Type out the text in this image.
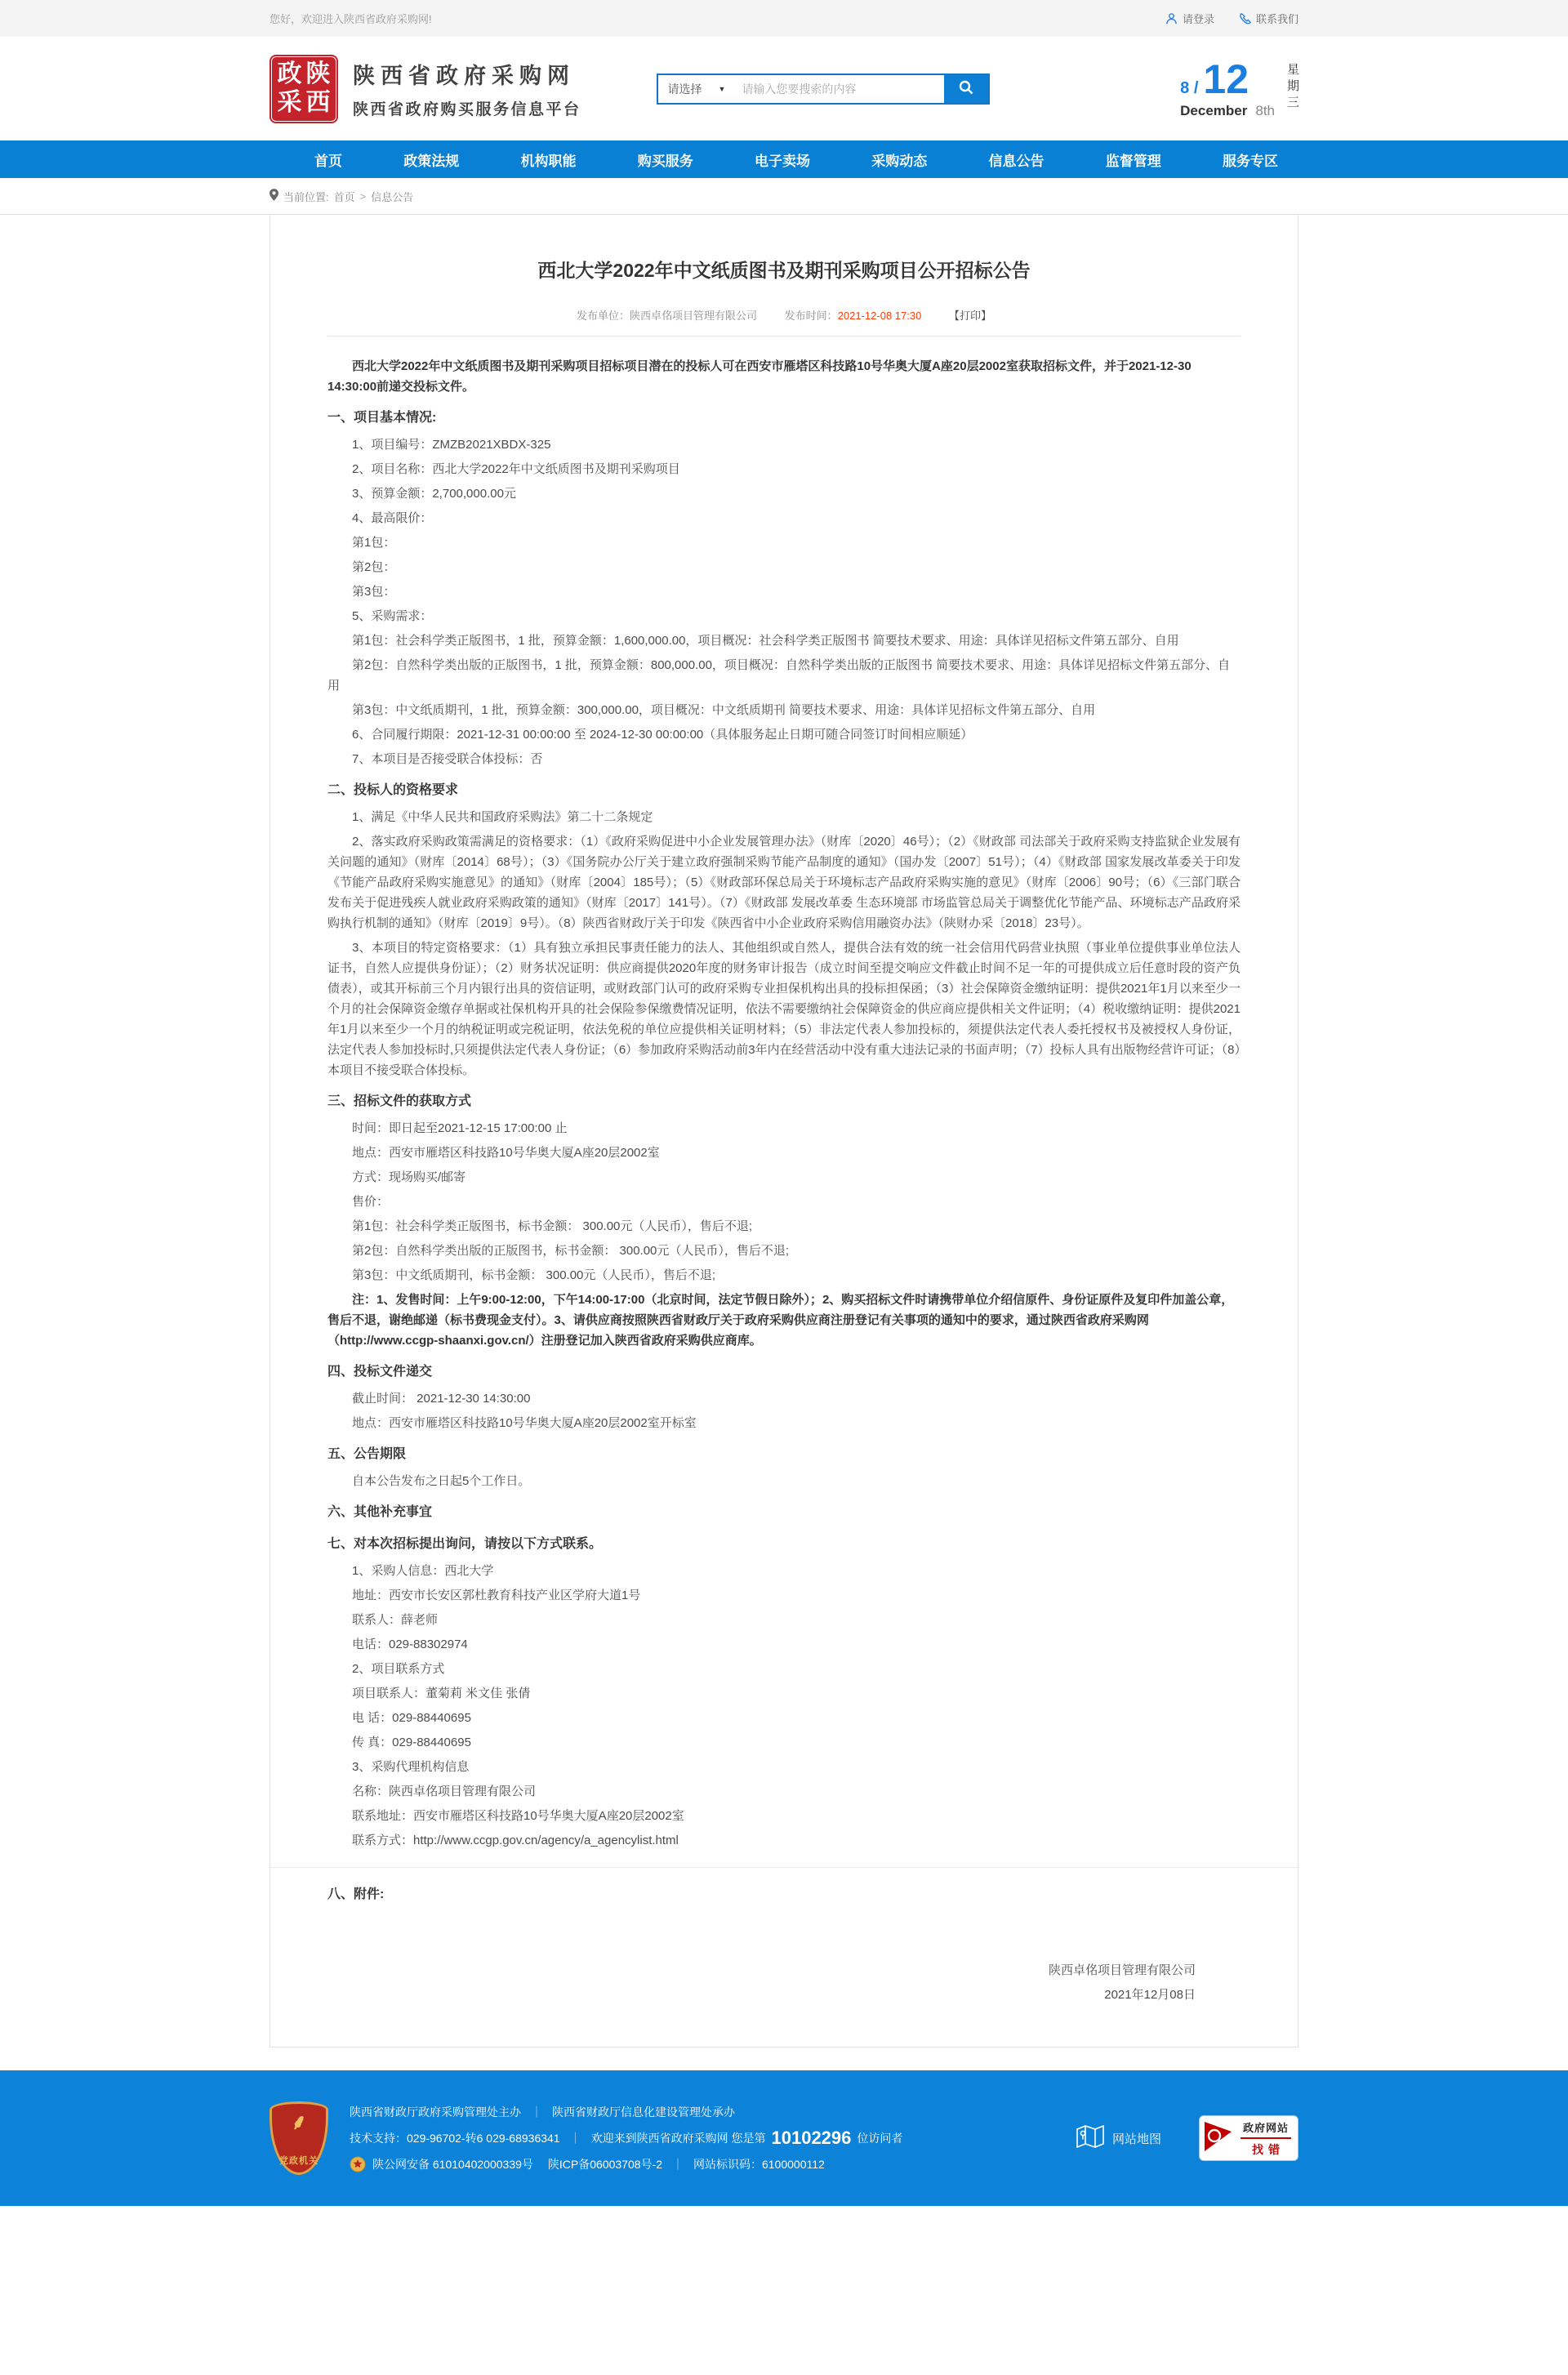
您好，欢迎进入陕西省政府采购网!	请登录	联系我们
政 陕
采 西
陕西省政府采购网
陕西省政府购买服务信息平台
请选择 ▼
请输入您要搜索的内容	8 / 12
December 8th 星期三
首页	政策法规	机构职能	购买服务	电子卖场	采购动态	信息公告	监督管理	服务专区
当前位置: 首页 > 信息公告
西北大学2022年中文纸质图书及期刊采购项目公开招标公告
发布单位：陕西卓佲项目管理有限公司	发布时间：2021-12-08 17:30	【打印】
西北大学2022年中文纸质图书及期刊采购项目招标项目潜在的投标人可在西安市雁塔区科技路10号华奥大厦A座20层2002室获取招标文件，并于2021-12-30 14:30:00前递交投标文件。
一、项目基本情况:
1、项目编号：ZMZB2021XBDX-325
2、项目名称：西北大学2022年中文纸质图书及期刊采购项目
3、预算金额：2,700,000.00元
4、最高限价：
第1包：
第2包：
第3包：
5、采购需求：
第1包：社会科学类正版图书，1 批，预算金额：1,600,000.00，项目概况：社会科学类正版图书 简要技术要求、用途：具体详见招标文件第五部分、自用
第2包：自然科学类出版的正版图书，1 批，预算金额：800,000.00，项目概况：自然科学类出版的正版图书 简要技术要求、用途：具体详见招标文件第五部分、自用
第3包：中文纸质期刊，1 批，预算金额：300,000.00，项目概况：中文纸质期刊 简要技术要求、用途：具体详见招标文件第五部分、自用
6、合同履行期限：2021-12-31 00:00:00 至 2024-12-30 00:00:00（具体服务起止日期可随合同签订时间相应顺延）
7、本项目是否接受联合体投标：否
二、投标人的资格要求
1、满足《中华人民共和国政府采购法》第二十二条规定
2、落实政府采购政策需满足的资格要求：（1）《政府采购促进中小企业发展管理办法》（财库〔2020〕46号）；（2）《财政部 司法部关于政府采购支持监狱企业发展有关问题的通知》（财库〔2014〕68号）；（3）《国务院办公厅关于建立政府强制采购节能产品制度的通知》（国办发〔2007〕51号）；（4）《财政部 国家发展改革委关于印发《节能产品政府采购实施意见》的通知》（财库〔2004〕185号）；（5）《财政部环保总局关于环境标志产品政府采购实施的意见》（财库〔2006〕90号；（6）《三部门联合发布关于促进残疾人就业政府采购政策的通知》（财库〔2017〕141号）。（7）《财政部 发展改革委 生态环境部 市场监管总局关于调整优化节能产品、环境标志产品政府采购执行机制的通知》（财库〔2019〕9号）。（8）陕西省财政厅关于印发《陕西省中小企业政府采购信用融资办法》（陕财办采〔2018〕23号）。
3、本项目的特定资格要求：（1）具有独立承担民事责任能力的法人、其他组织或自然人，提供合法有效的统一社会信用代码营业执照（事业单位提供事业单位法人证书，自然人应提供身份证）；（2）财务状况证明：供应商提供2020年度的财务审计报告（成立时间至提交响应文件截止时间不足一年的可提供成立后任意时段的资产负债表），或其开标前三个月内银行出具的资信证明，或财政部门认可的政府采购专业担保机构出具的投标担保函；（3）社会保障资金缴纳证明：提供2021年1月以来至少一个月的社会保障资金缴存单据或社保机构开具的社会保险参保缴费情况证明，依法不需要缴纳社会保障资金的供应商应提供相关文件证明；（4）税收缴纳证明：提供2021年1月以来至少一个月的纳税证明或完税证明，依法免税的单位应提供相关证明材料；（5）非法定代表人参加投标的，须提供法定代表人委托授权书及被授权人身份证，法定代表人参加投标时,只须提供法定代表人身份证；（6）参加政府采购活动前3年内在经营活动中没有重大违法记录的书面声明；（7）投标人具有出版物经营许可证；（8）本项目不接受联合体投标。
三、招标文件的获取方式
时间：即日起至2021-12-15 17:00:00 止
地点：西安市雁塔区科技路10号华奥大厦A座20层2002室
方式：现场购买/邮寄
售价：
第1包：社会科学类正版图书，标书金额： 300.00元（人民币），售后不退;
第2包：自然科学类出版的正版图书，标书金额： 300.00元（人民币），售后不退;
第3包：中文纸质期刊，标书金额： 300.00元（人民币），售后不退;
注：1、发售时间：上午9:00-12:00，下午14:00-17:00（北京时间，法定节假日除外）；2、购买招标文件时请携带单位介绍信原件、身份证原件及复印件加盖公章，售后不退，谢绝邮递（标书费现金支付）。3、请供应商按照陕西省财政厅关于政府采购供应商注册登记有关事项的通知中的要求，通过陕西省政府采购网（http://www.ccgp-shaanxi.gov.cn/）注册登记加入陕西省政府采购供应商库。
四、投标文件递交
截止时间： 2021-12-30 14:30:00
地点：西安市雁塔区科技路10号华奥大厦A座20层2002室开标室
五、公告期限
自本公告发布之日起5个工作日。
六、其他补充事宜
七、对本次招标提出询问，请按以下方式联系。
1、采购人信息：西北大学
地址：西安市长安区郭杜教育科技产业区学府大道1号
联系人：薛老师
电话：029-88302974
2、项目联系方式
项目联系人：董菊莉 米文佳 张倩
电 话：029-88440695
传 真：029-88440695
3、采购代理机构信息
名称：陕西卓佲项目管理有限公司
联系地址：西安市雁塔区科技路10号华奥大厦A座20层2002室
联系方式：http://www.ccgp.gov.cn/agency/a_agencylist.html
八、附件:
陕西卓佲项目管理有限公司
2021年12月08日
⸙
党政机关
陕西省财政厅政府采购管理处主办 ｜ 陕西省财政厅信息化建设管理处承办
技术支持： 029-96702-转6 029-68936341 ｜ 欢迎来到陕西省政府采购网 您是第 10102296 位访问者
陕公网安备 61010402000339号 陕ICP备06003708号-2 ｜ 网站标识码： 6100000112
网站地图
政府网站
找错
